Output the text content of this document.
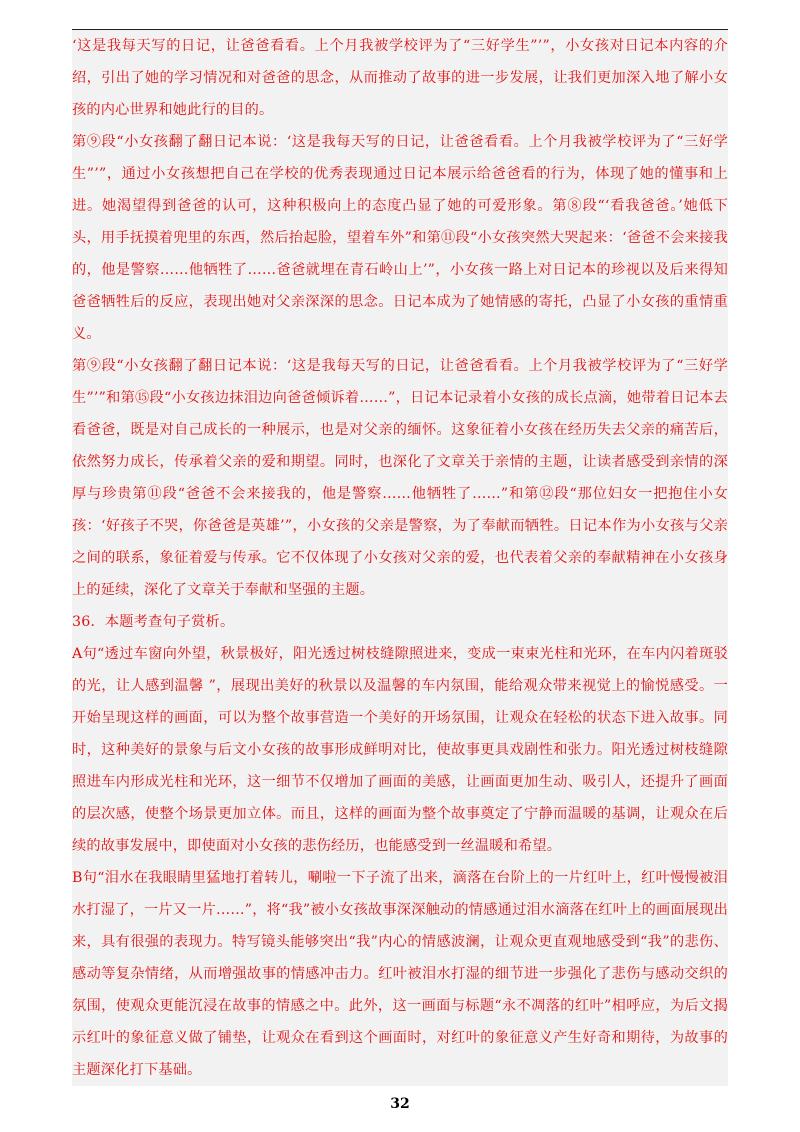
‘这是我每天写的日记，让爸爸看看。上个月我被学校评为了“三好学生”’”，小女孩对日记本内容的介绍，引出了她的学习情况和对爸爸的思念，从而推动了故事的进一步发展，让我们更加深入地了解小女孩的内心世界和她此行的目的。

第⑨段“小女孩翻了翻日记本说：‘这是我每天写的日记，让爸爸看看。上个月我被学校评为了“三好学生”’”，通过小女孩想把自己在学校的优秀表现通过日记本展示给爸爸看的行为，体现了她的懂事和上进。她渴望得到爸爸的认可，这种积极向上的态度凸显了她的可爱形象。第⑧段“‘看我爸爸。’她低下头，用手抚摸着兜里的东西，然后抬起脸，望着车外”和第⑪段“小女孩突然大哭起来：‘爸爸不会来接我的，他是警察……他牺牲了……爸爸就埋在青石岭山上’”，小女孩一路上对日记本的珍视以及后来得知爸爸牺牲后的反应，表现出她对父亲深深的思念。日记本成为了她情感的寄托，凸显了小女孩的重情重义。

第⑨段“小女孩翻了翻日记本说：‘这是我每天写的日记，让爸爸看看。上个月我被学校评为了“三好学生”’”和第⑮段“小女孩边抹泪边向爸爸倾诉着……”，日记本记录着小女孩的成长点滴，她带着日记本去看爸爸，既是对自己成长的一种展示，也是对父亲的缅怀。这象征着小女孩在经历失去父亲的痛苦后，依然努力成长，传承着父亲的爱和期望。同时，也深化了文章关于亲情的主题，让读者感受到亲情的深厚与珍贵第⑪段“爸爸不会来接我的，他是警察……他牺牲了……”和第⑫段“那位妇女一把抱住小女孩：‘好孩子不哭，你爸爸是英雄’”，小女孩的父亲是警察，为了奉献而牺牲。日记本作为小女孩与父亲之间的联系，象征着爱与传承。它不仅体现了小女孩对父亲的爱，也代表着父亲的奉献精神在小女孩身上的延续，深化了文章关于奉献和坚强的主题。

36．本题考查句子赏析。

A句“透过车窗向外望，秋景极好，阳光透过树枝缝隙照进来，变成一束束光柱和光环，在车内闪着斑驳的光，让人感到温馨 ”，展现出美好的秋景以及温馨的车内氛围，能给观众带来视觉上的愉悦感受。一开始呈现这样的画面，可以为整个故事营造一个美好的开场氛围，让观众在轻松的状态下进入故事。同时，这种美好的景象与后文小女孩的故事形成鲜明对比，使故事更具戏剧性和张力。阳光透过树枝缝隙照进车内形成光柱和光环，这一细节不仅增加了画面的美感，让画面更加生动、吸引人，还提升了画面的层次感，使整个场景更加立体。而且，这样的画面为整个故事奠定了宁静而温暖的基调，让观众在后续的故事发展中，即使面对小女孩的悲伤经历，也能感受到一丝温暖和希望。

B句“泪水在我眼睛里猛地打着转儿，唰啦一下子流了出来，滴落在台阶上的一片红叶上，红叶慢慢被泪水打湿了，一片又一片……”，将“我”被小女孩故事深深触动的情感通过泪水滴落在红叶上的画面展现出来，具有很强的表现力。特写镜头能够突出“我”内心的情感波澜，让观众更直观地感受到“我”的悲伤、感动等复杂情绪，从而增强故事的情感冲击力。红叶被泪水打湿的细节进一步强化了悲伤与感动交织的氛围，使观众更能沉浸在故事的情感之中。此外，这一画面与标题“永不凋落的红叶”相呼应，为后文揭示红叶的象征意义做了铺垫，让观众在看到这个画面时，对红叶的象征意义产生好奇和期待，为故事的主题深化打下基础。

32
